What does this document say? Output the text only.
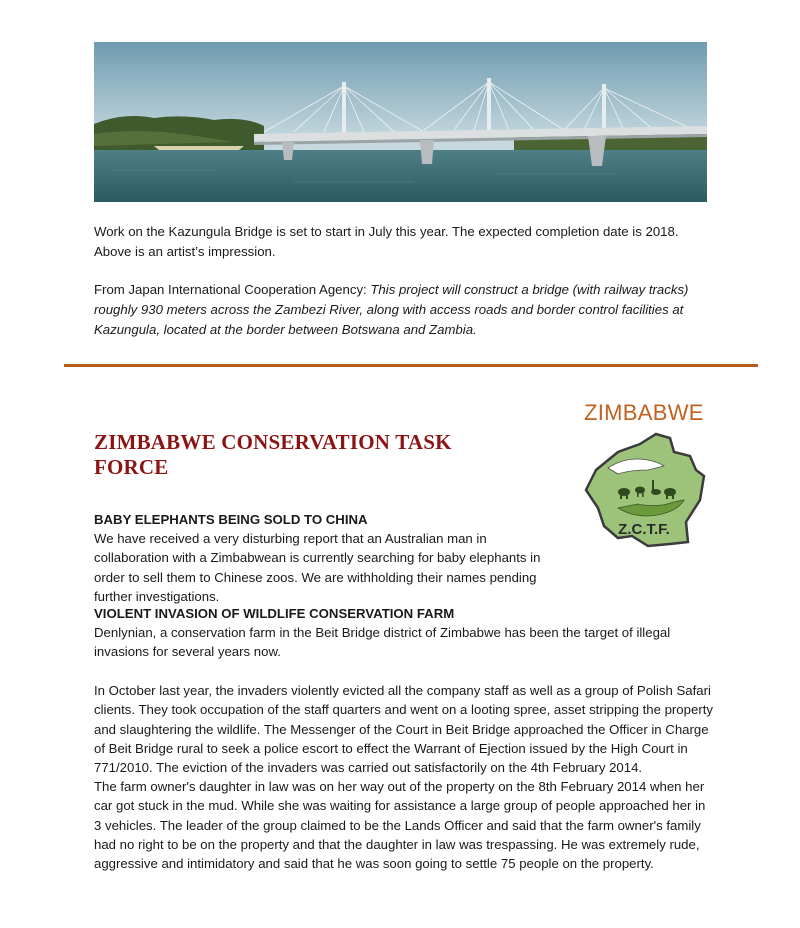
Work on the Kazungula Bridge is set to start in July this year. The expected completion date is 2018.
Above is an artist’s impression.

From Japan International Cooperation Agency: This project will construct a bridge (with railway tracks) roughly 930 meters across the Zambezi River, along with access roads and border control facilities at Kazungula, located at the border between Botswana and Zambia.

ZIMBABWE

ZIMBABWE CONSERVATION TASK FORCE
Z.C.T.F.

BABY ELEPHANTS BEING SOLD TO CHINA

We have received a very disturbing report that an Australian man in collaboration with a Zimbabwean is currently searching for baby elephants in order to sell them to Chinese zoos. We are withholding their names pending further investigations.

VIOLENT INVASION OF WILDLIFE CONSERVATION FARM

Denlynian, a conservation farm in the Beit Bridge district of Zimbabwe has been the target of illegal invasions for several years now.

In October last year, the invaders violently evicted all the company staff as well as a group of Polish Safari clients. They took occupation of the staff quarters and went on a looting spree, asset stripping the property and slaughtering the wildlife. The Messenger of the Court in Beit Bridge approached the Officer in Charge of Beit Bridge rural to seek a police escort to effect the Warrant of Ejection issued by the High Court in 771/2010. The eviction of the invaders was carried out satisfactorily on the 4th February 2014.

The farm owner's daughter in law was on her way out of the property on the 8th February 2014 when her car got stuck in the mud. While she was waiting for assistance a large group of people approached her in 3 vehicles. The leader of the group claimed to be the Lands Officer and said that the farm owner's family had no right to be on the property and that the daughter in law was trespassing. He was extremely rude, aggressive and intimidatory and said that he was soon going to settle 75 people on the property.
